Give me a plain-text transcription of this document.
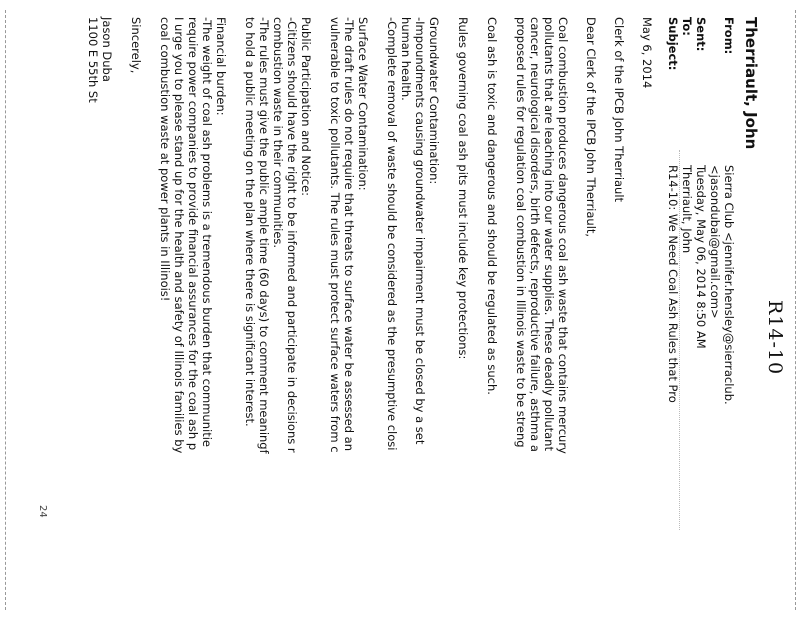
R14-10
Therriault, John
From:

Sent:
To:
Subject:
Sierra Club <jennifer.hensley@sierraclub.
<jasondubai@gmail.com>
Tuesday, May 06, 2014 8:50 AM
Therriault, John
R14-10: We Need Coal Ash Rules that Pro
May 6, 2014
Clerk of the IPCB John Therriault
Dear Clerk of the IPCB John Therriault,
Coal combustion produces dangerous coal ash waste that contains mercury
pollutants that are leaching into our water supplies. These deadly pollutant
cancer, neurological disorders, birth defects, reproductive failure, asthma a
proposed rules for regulation coal combustion in Illinois waste to be streng
Coal ash is toxic and dangerous and should be regulated as such.
Rules governing coal ash pits must include key protections:
Groundwater Contamination:
-Impoundments causing groundwater impairment must be closed by a set
human health.
-Complete removal of waste should be considered as the presumptive closi
Surface Water Contamination:
-The draft rules do not require that threats to surface water be assessed an
vulnerable to toxic pollutants. The rules must protect surface waters from c
Public Participation and Notice:
-Citizens should have the right to be informed and participate in decisions r
combustion waste in their communities.
-The rules must give the public ample time (60 days) to comment meaningf
to hold a public meeting on the plan where there is significant interest.
Financial burden:
-The weight of coal ash problems is a tremendous burden that communitie
require power companies to provide financial assurances for the coal ash p
I urge you to please stand up for the health and safety of Illinois families by
coal combustion waste at power plants in Illinois!
Sincerely,
Jason Duba
1100 E 55th St
24
